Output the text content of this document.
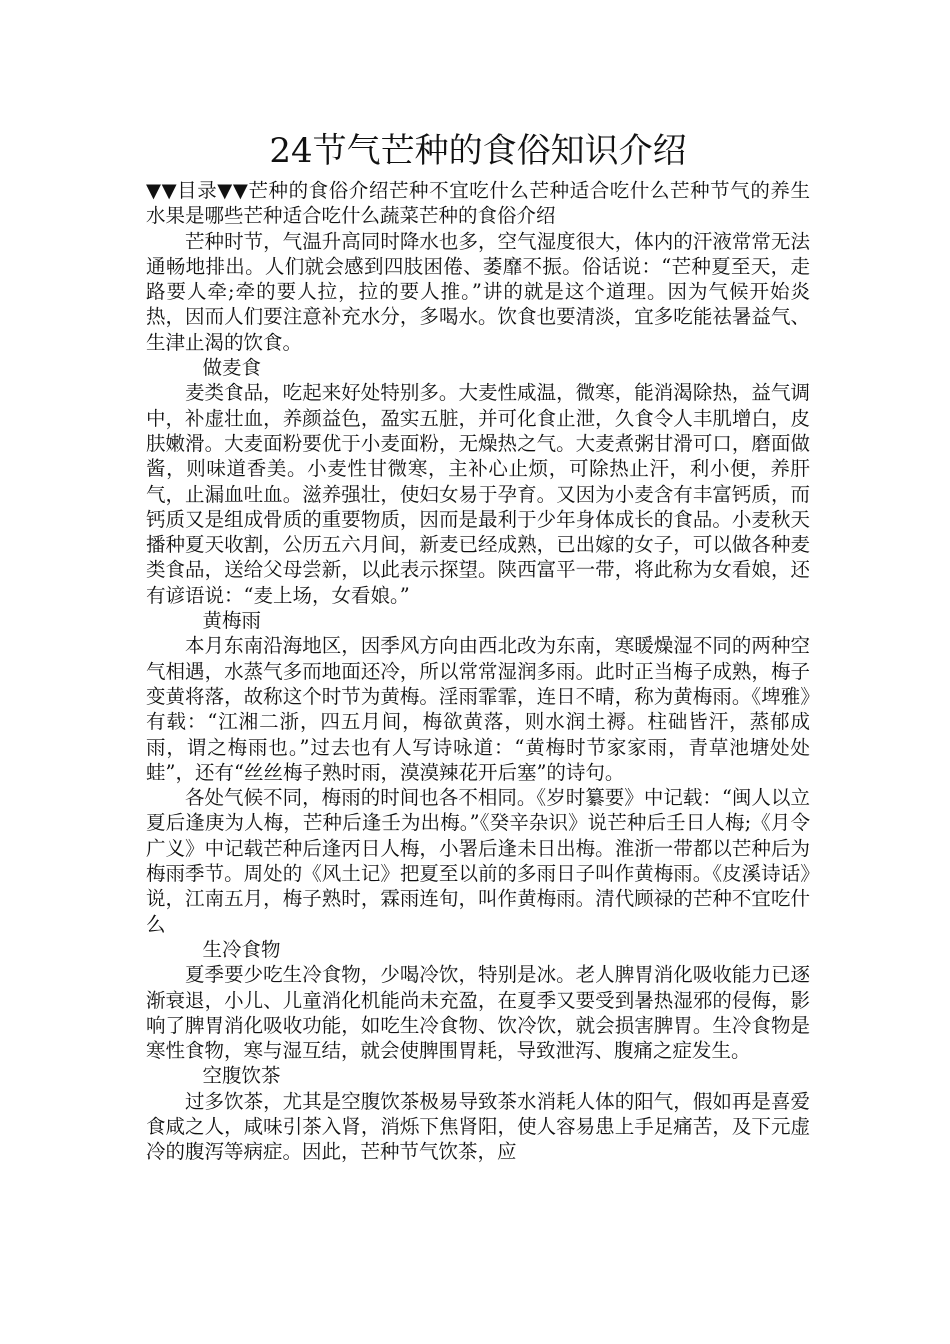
24节气芒种的食俗知识介绍

▼▼目录▼▼芒种的食俗介绍芒种不宜吃什么芒种适合吃什么芒种节气的养生水果是哪些芒种适合吃什么蔬菜芒种的食俗介绍

芒种时节，气温升高同时降水也多，空气湿度很大，体内的汗液常常无法通畅地排出。人们就会感到四肢困倦、萎靡不振。俗话说：“芒种夏至天，走路要人牵;牵的要人拉，拉的要人推。”讲的就是这个道理。因为气候开始炎热，因而人们要注意补充水分，多喝水。饮食也要清淡，宜多吃能祛暑益气、生津止渴的饮食。

做麦食

麦类食品，吃起来好处特别多。大麦性咸温，微寒，能消渴除热，益气调中，补虚壮血，养颜益色，盈实五脏，并可化食止泄，久食令人丰肌增白，皮肤嫩滑。大麦面粉要优于小麦面粉，无燥热之气。大麦煮粥甘滑可口，磨面做酱，则味道香美。小麦性甘微寒，主补心止烦，可除热止汗，利小便，养肝气，止漏血吐血。滋养强壮，使妇女易于孕育。又因为小麦含有丰富钙质，而钙质又是组成骨质的重要物质，因而是最利于少年身体成长的食品。小麦秋天播种夏天收割，公历五六月间，新麦已经成熟，已出嫁的女子，可以做各种麦类食品，送给父母尝新，以此表示探望。陕西富平一带，将此称为女看娘，还有谚语说：“麦上场，女看娘。”

黄梅雨

本月东南沿海地区，因季风方向由西北改为东南，寒暖燥湿不同的两种空气相遇，水蒸气多而地面还冷，所以常常湿润多雨。此时正当梅子成熟，梅子变黄将落，故称这个时节为黄梅。淫雨霏霏，连日不晴，称为黄梅雨。《埤雅》有载：“江湘二浙，四五月间，梅欲黄落，则水润土褥。柱础皆汗，蒸郁成雨，谓之梅雨也。”过去也有人写诗咏道：“黄梅时节家家雨，青草池塘处处蛙”，还有“丝丝梅子熟时雨，漠漠辣花开后塞”的诗句。

各处气候不同，梅雨的时间也各不相同。《岁时纂要》中记载：“闽人以立夏后逢庚为人梅，芒种后逢壬为出梅。”《癸辛杂识》说芒种后壬日人梅;《月令广义》中记载芒种后逢丙日人梅，小署后逢未日出梅。淮浙一带都以芒种后为梅雨季节。周处的《风土记》把夏至以前的多雨日子叫作黄梅雨。《皮溪诗话》说，江南五月，梅子熟时，霖雨连旬，叫作黄梅雨。清代顾禄的芒种不宜吃什么

生冷食物

夏季要少吃生冷食物，少喝冷饮，特别是冰。老人脾胃消化吸收能力已逐渐衰退，小儿、儿童消化机能尚未充盈，在夏季又要受到暑热湿邪的侵侮，影响了脾胃消化吸收功能，如吃生冷食物、饮冷饮，就会损害脾胃。生冷食物是寒性食物，寒与湿互结，就会使脾围胃耗，导致泄泻、腹痛之症发生。

空腹饮茶

过多饮茶，尤其是空腹饮茶极易导致茶水消耗人体的阳气，假如再是喜爱食咸之人，咸味引茶入肾，消烁下焦肾阳，使人容易患上手足痛苦，及下元虚冷的腹泻等病症。因此，芒种节气饮茶，应
